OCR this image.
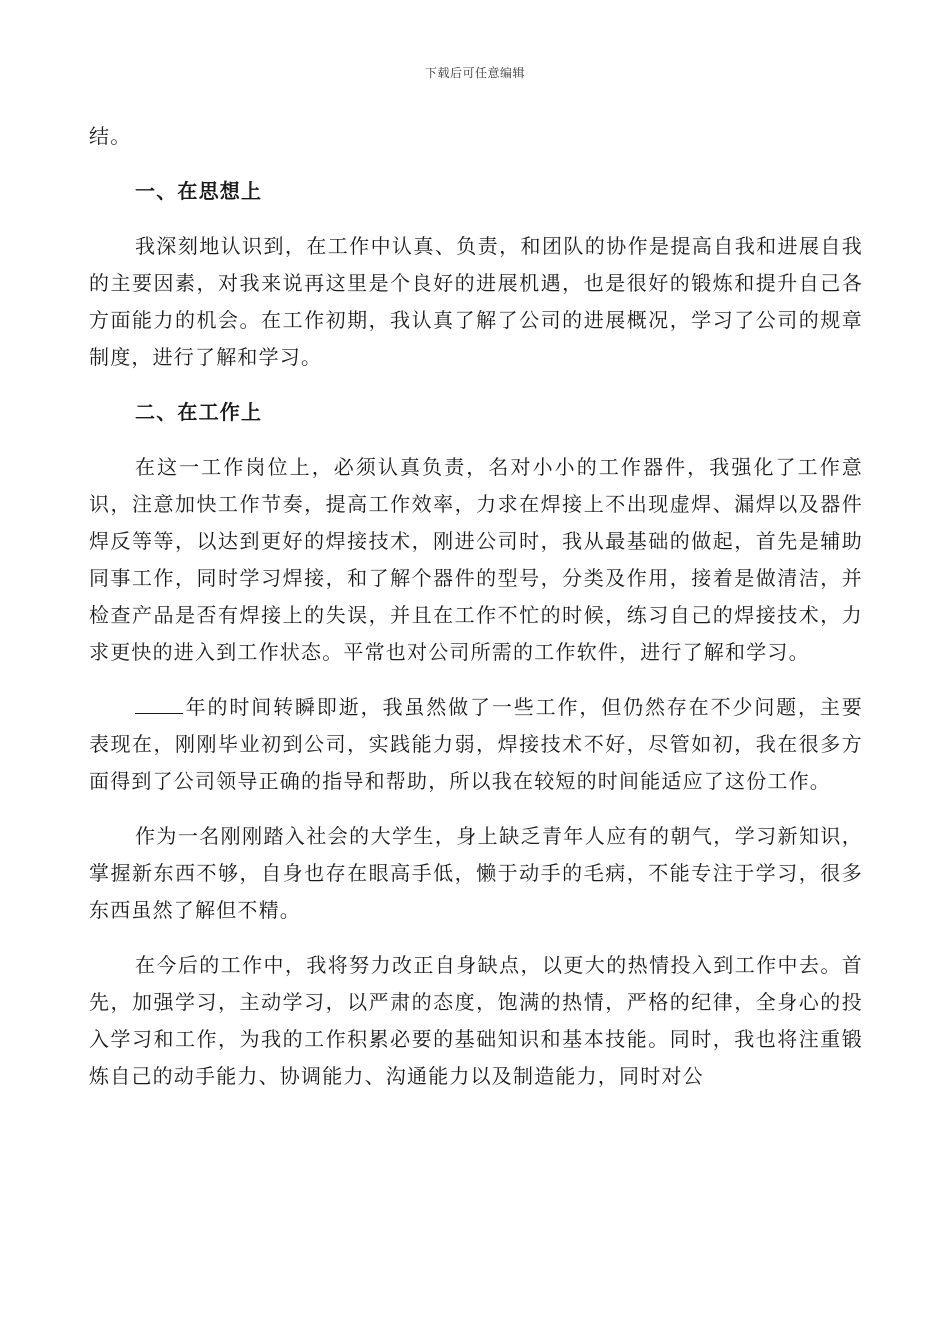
下载后可任意编辑

结。

一、在思想上

我深刻地认识到，在工作中认真、负责，和团队的协作是提高自我和进展自我的主要因素，对我来说再这里是个良好的进展机遇，也是很好的锻炼和提升自己各方面能力的机会。在工作初期，我认真了解了公司的进展概况，学习了公司的规章制度，进行了解和学习。

二、在工作上

在这一工作岗位上，必须认真负责，名对小小的工作器件，我强化了工作意识，注意加快工作节奏，提高工作效率，力求在焊接上不出现虚焊、漏焊以及器件焊反等等，以达到更好的焊接技术，刚进公司时，我从最基础的做起，首先是辅助同事工作，同时学习焊接，和了解个器件的型号，分类及作用，接着是做清洁，并检查产品是否有焊接上的失误，并且在工作不忙的时候，练习自己的焊接技术，力求更快的进入到工作状态。平常也对公司所需的工作软件，进行了解和学习。

年的时间转瞬即逝，我虽然做了一些工作，但仍然存在不少问题，主要表现在，刚刚毕业初到公司，实践能力弱，焊接技术不好，尽管如初，我在很多方面得到了公司领导正确的指导和帮助，所以我在较短的时间能适应了这份工作。

作为一名刚刚踏入社会的大学生，身上缺乏青年人应有的朝气，学习新知识，掌握新东西不够，自身也存在眼高手低，懒于动手的毛病，不能专注于学习，很多东西虽然了解但不精。

在今后的工作中，我将努力改正自身缺点，以更大的热情投入到工作中去。首先，加强学习，主动学习，以严肃的态度，饱满的热情，严格的纪律，全身心的投入学习和工作，为我的工作积累必要的基础知识和基本技能。同时，我也将注重锻炼自己的动手能力、协调能力、沟通能力以及制造能力，同时对公
